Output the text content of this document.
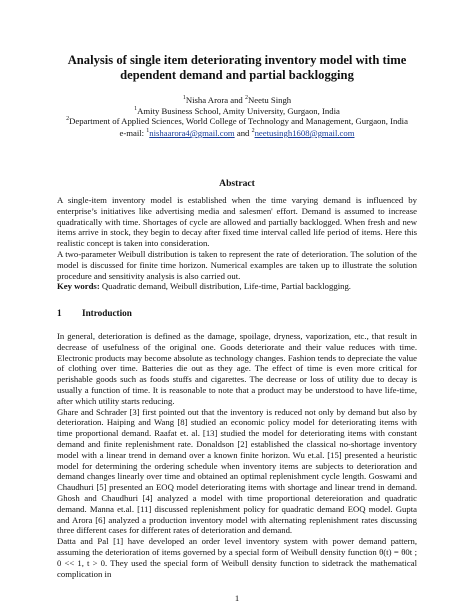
Analysis of single item deteriorating inventory model with time
dependent demand and partial backlogging
$^1$Nisha Arora and $^2$Neetu Singh
$^1$Amity Business School, Amity University, Gurgaon, India
$^2$Department of Applied Sciences, World College of Technology and Management, Gurgaon, India
e-mail: $^1$nishaarora4@gmail.com and $^2$neetusingh1608@gmail.com
Abstract
A single-item inventory model is established when the time varying demand is influenced by enterprise’s initiatives like advertising media and salesmen' effort. Demand is assumed to increase quadratically with time. Shortages of cycle are allowed and partially backlogged. When fresh and new items arrive in stock, they begin to decay after fixed time interval called life period of items. Here this realistic concept is taken into consideration.
A two-parameter Weibull distribution is taken to represent the rate of deterioration. The solution of the model is discussed for finite time horizon. Numerical examples are taken up to illustrate the solution procedure and sensitivity analysis is also carried out.
Key words: Quadratic demand, Weibull distribution, Life-time, Partial backlogging.
1 Introduction
In general, deterioration is defined as the damage, spoilage, dryness, vaporization, etc., that result in decrease of usefulness of the original one. Goods deteriorate and their value reduces with time. Electronic products may become absolute as technology changes. Fashion tends to depreciate the value of clothing over time. Batteries die out as they age. The effect of time is even more critical for perishable goods such as foods stuffs and cigarettes. The decrease or loss of utility due to decay is usually a function of time. It is reasonable to note that a product may be understood to have life-time, after which utility starts reducing.
Ghare and Schrader [3] first pointed out that the inventory is reduced not only by demand but also by deterioration. Haiping and Wang [8] studied an economic policy model for deteriorating items with time proportional demand. Raafat et. al. [13] studied the model for deteriorating items with constant demand and finite replenishment rate. Donaldson [2] established the classical no-shortage inventory model with a linear trend in demand over a known finite horizon. Wu et.al. [15] presented a heuristic model for determining the ordering schedule when inventory items are subjects to deterioration and demand changes linearly over time and obtained an optimal replenishment cycle length. Goswami and Chaudhuri [5] presented an EOQ model deteriorating items with shortage and linear trend in demand. Ghosh and Chaudhuri [4] analyzed a model with time proportional detereioration and quadratic demand. Manna et.al. [11] discussed replenishment policy for quadratic demand EOQ model. Gupta and Arora [6] analyzed a production inventory model with alternating replenishment rates discussing three different cases for different rates of deterioration and demand.
Datta and Pal [1] have developed an order level inventory system with power demand pattern, assuming the deterioration of items governed by a special form of Weibull density function θ(t) = θ0t ; 0 << 1, t > 0. They used the special form of Weibull density function to sidetrack the mathematical complication in
1
